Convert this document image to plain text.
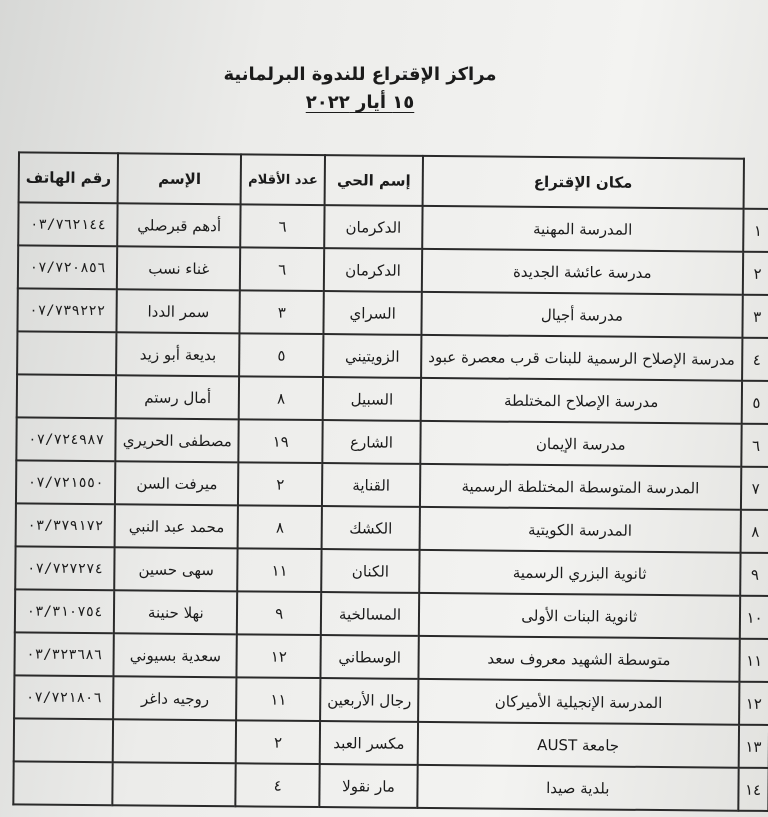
مراكز الإقتراع للندوة البرلمانية
١٥ أيار ٢٠٢٢
	مكان الإقتراع	إسم الحي	عدد الأقلام	الإسم	رقم الهاتف
١	المدرسة المهنية	الدكرمان	٦	أدهم قبرصلي	٠٣/٧٦٢١٤٤
٢	مدرسة عائشة الجديدة	الدكرمان	٦	غناء نسب	٠٧/٧٢٠٨٥٦
٣	مدرسة أجيال	السراي	٣	سمر الددا	٠٧/٧٣٩٢٢٢
٤	مدرسة الإصلاح الرسمية للبنات قرب معصرة عبود	الزويتيني	٥	بديعة أبو زيد	
٥	مدرسة الإصلاح المختلطة	السبيل	٨	أمال رستم	
٦	مدرسة الإيمان	الشارع	١٩	مصطفى الحريري	٠٧/٧٢٤٩٨٧
٧	المدرسة المتوسطة المختلطة الرسمية	القناية	٢	ميرفت السن	٠٧/٧٢١٥٥٠
٨	المدرسة الكويتية	الكشك	٨	محمد عبد النبي	٠٣/٣٧٩١٧٢
٩	ثانوية البزري الرسمية	الكنان	١١	سهى حسين	٠٧/٧٢٧٢٧٤
١٠	ثانوية البنات الأولى	المسالخية	٩	نهلا حنينة	٠٣/٣١٠٧٥٤
١١	متوسطة الشهيد معروف سعد	الوسطاني	١٢	سعدية بسيوني	٠٣/٣٢٣٦٨٦
١٢	المدرسة الإنجيلية الأميركان	رجال الأربعين	١١	روجيه داغر	٠٧/٧٢١٨٠٦
١٣	جامعة AUST	مكسر العبد	٢		
١٤	بلدية صيدا	مار نقولا	٤		
